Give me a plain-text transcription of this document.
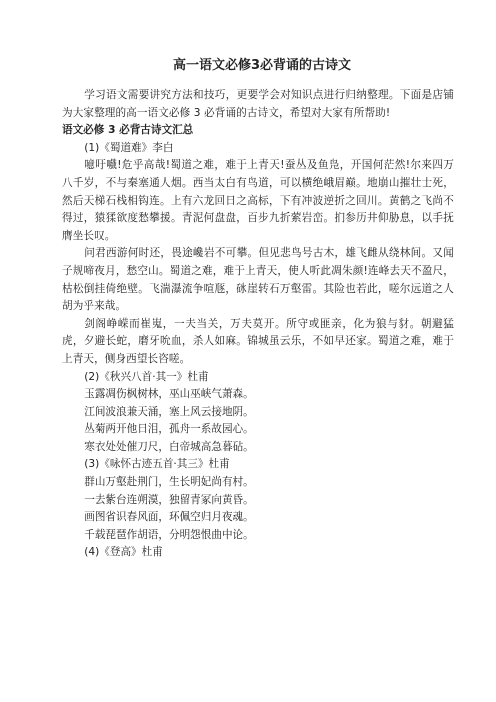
高一语文必修3必背诵的古诗文

学习语文需要讲究方法和技巧，更要学会对知识点进行归纳整理。下面是店铺为大家整理的高一语文必修 3 必背诵的古诗文，希望对大家有所帮助!

语文必修 3 必背古诗文汇总

(1)《蜀道难》李白

噫吁嚱!危乎高哉!蜀道之难，难于上青天!蚕丛及鱼凫，开国何茫然!尔来四万八千岁，不与秦塞通人烟。西当太白有鸟道，可以横绝峨眉巅。地崩山摧壮士死，然后天梯石栈相钩连。上有六龙回日之高标，下有冲波逆折之回川。黄鹤之飞尚不得过，猿猱欲度愁攀援。青泥何盘盘，百步九折萦岩峦。扪参历井仰胁息，以手抚膺坐长叹。

问君西游何时还，畏途巉岩不可攀。但见悲鸟号古木，雄飞雌从绕林间。又闻子规啼夜月，愁空山。蜀道之难，难于上青天，使人听此凋朱颜!连峰去天不盈尺，枯松倒挂倚绝壁。飞湍瀑流争喧豗，砯崖转石万壑雷。其险也若此，嗟尔远道之人胡为乎来哉。

剑阁峥嵘而崔嵬，一夫当关，万夫莫开。所守或匪亲，化为狼与豺。朝避猛虎，夕避长蛇，磨牙吮血，杀人如麻。锦城虽云乐，不如早还家。蜀道之难，难于上青天，侧身西望长咨嗟。

(2)《秋兴八首·其一》杜甫

玉露凋伤枫树林，巫山巫峡气萧森。

江间波浪兼天涌，塞上风云接地阴。

丛菊两开他日泪，孤舟一系故园心。

寒衣处处催刀尺，白帝城高急暮砧。

(3)《咏怀古迹五首·其三》杜甫

群山万壑赴荆门，生长明妃尚有村。

一去紫台连朔漠，独留青冢向黄昏。

画图省识春风面，环佩空归月夜魂。

千载琵琶作胡语，分明怨恨曲中论。

(4)《登高》杜甫
